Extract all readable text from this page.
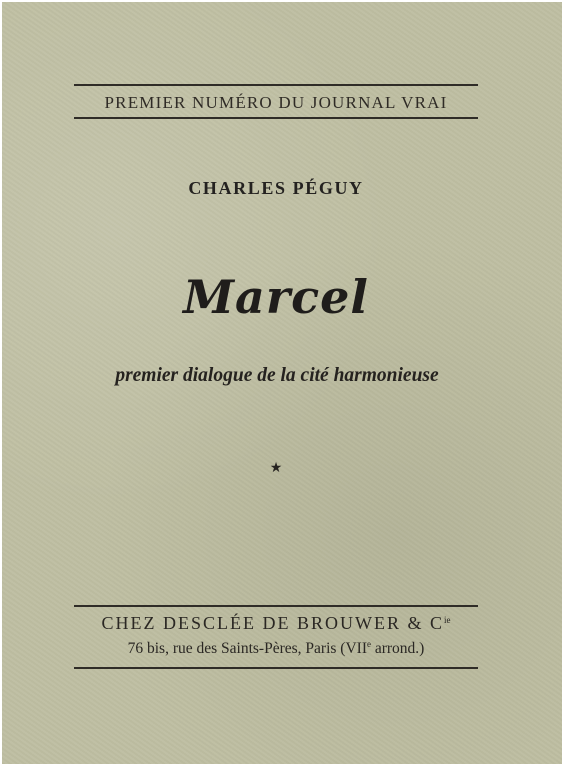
PREMIER NUMÉRO DU JOURNAL VRAI
CHARLES PÉGUY
Marcel
premier dialogue de la cité harmonieuse
★
CHEZ DESCLÉE DE BROUWER & $C^{ie}$
76 bis, rue des Saints-Pères, Paris (VIIe arrond.)
